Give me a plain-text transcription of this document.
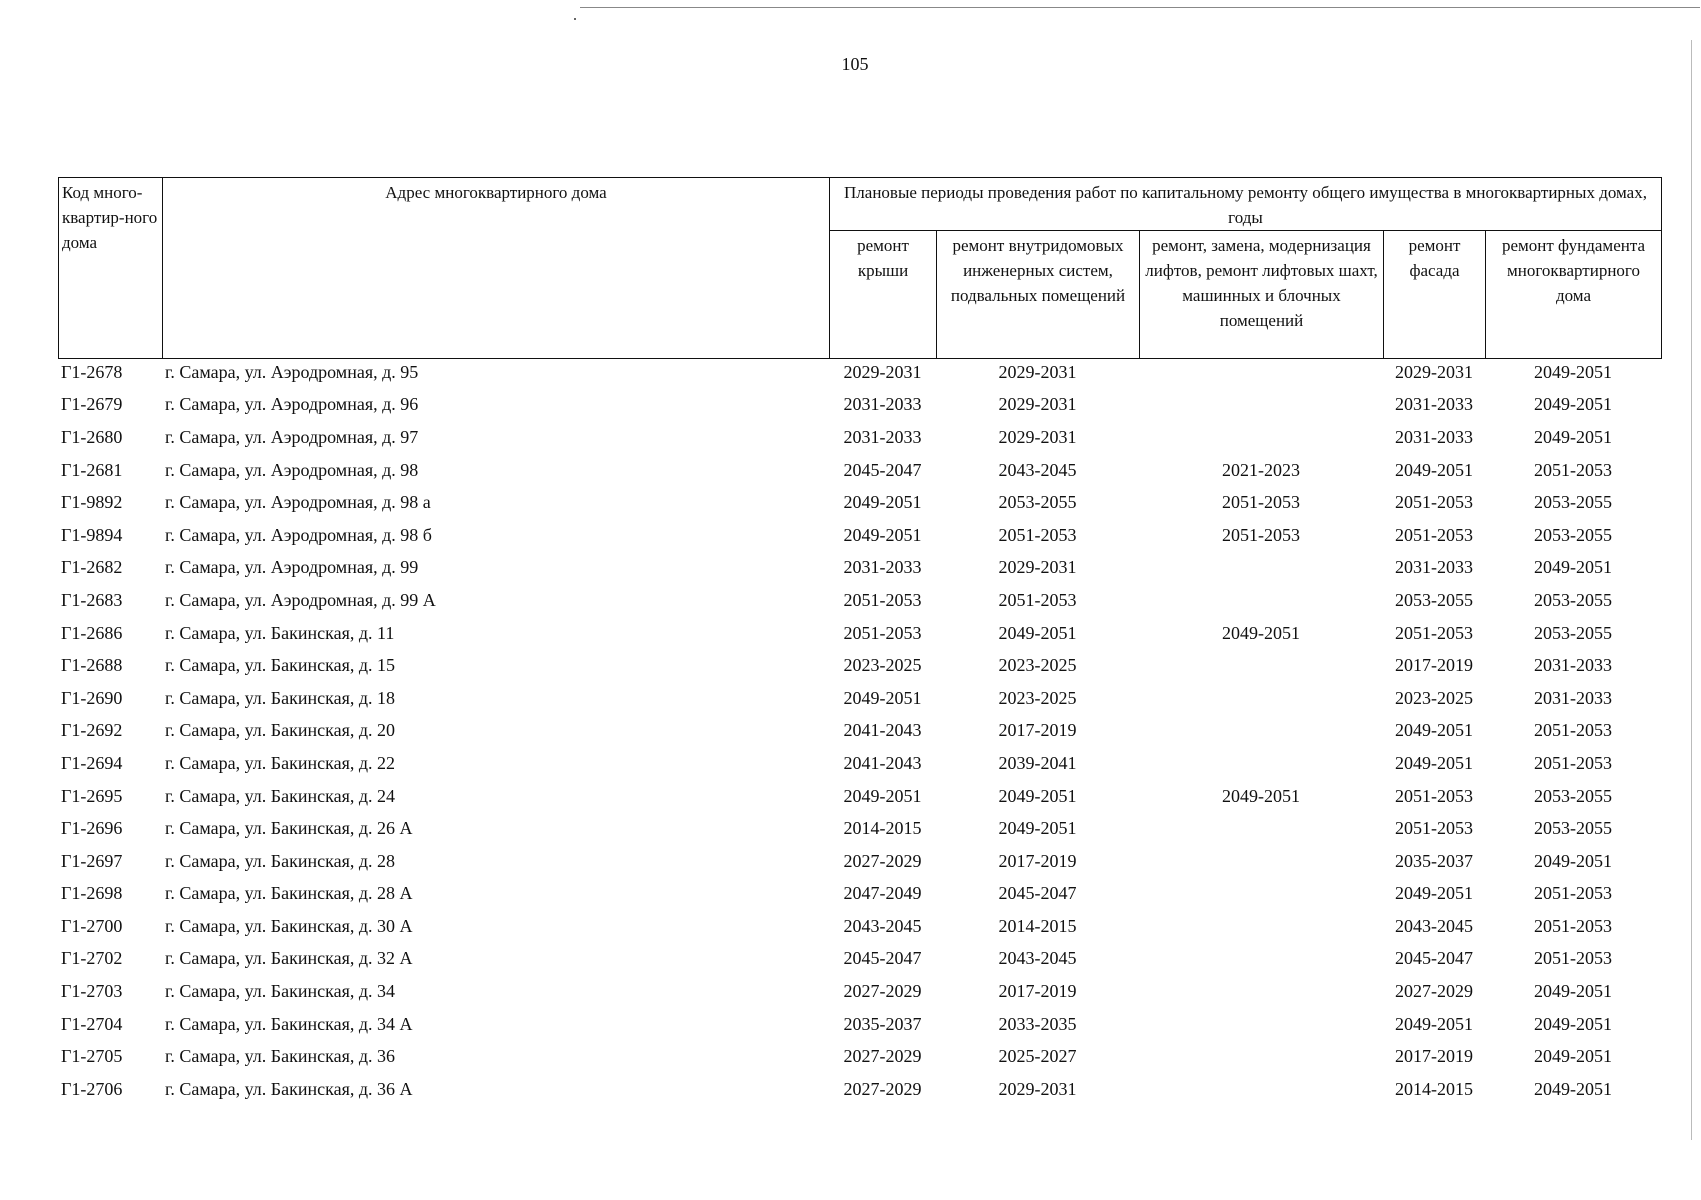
105
Код много-квартир-ного дома	Адрес многоквартирного дома	Плановые периоды проведения работ по капитальному ремонту общего имущества в многоквартирных домах, годы				
		ремонт крыши	ремонт внутридомовых инженерных систем, подвальных помещений	ремонт, замена, модернизация лифтов, ремонт лифтовых шахт, машинных и блочных помещений	ремонт фасада	ремонт фундамента многоквартирного дома
Г1-2678	г. Самара, ул. Аэродромная, д. 95	2029-2031	2029-2031		2029-2031	2049-2051
Г1-2679	г. Самара, ул. Аэродромная, д. 96	2031-2033	2029-2031		2031-2033	2049-2051
Г1-2680	г. Самара, ул. Аэродромная, д. 97	2031-2033	2029-2031		2031-2033	2049-2051
Г1-2681	г. Самара, ул. Аэродромная, д. 98	2045-2047	2043-2045	2021-2023	2049-2051	2051-2053
Г1-9892	г. Самара, ул. Аэродромная, д. 98 а	2049-2051	2053-2055	2051-2053	2051-2053	2053-2055
Г1-9894	г. Самара, ул. Аэродромная, д. 98 б	2049-2051	2051-2053	2051-2053	2051-2053	2053-2055
Г1-2682	г. Самара, ул. Аэродромная, д. 99	2031-2033	2029-2031		2031-2033	2049-2051
Г1-2683	г. Самара, ул. Аэродромная, д. 99 А	2051-2053	2051-2053		2053-2055	2053-2055
Г1-2686	г. Самара, ул. Бакинская, д. 11	2051-2053	2049-2051	2049-2051	2051-2053	2053-2055
Г1-2688	г. Самара, ул. Бакинская, д. 15	2023-2025	2023-2025		2017-2019	2031-2033
Г1-2690	г. Самара, ул. Бакинская, д. 18	2049-2051	2023-2025		2023-2025	2031-2033
Г1-2692	г. Самара, ул. Бакинская, д. 20	2041-2043	2017-2019		2049-2051	2051-2053
Г1-2694	г. Самара, ул. Бакинская, д. 22	2041-2043	2039-2041		2049-2051	2051-2053
Г1-2695	г. Самара, ул. Бакинская, д. 24	2049-2051	2049-2051	2049-2051	2051-2053	2053-2055
Г1-2696	г. Самара, ул. Бакинская, д. 26 А	2014-2015	2049-2051		2051-2053	2053-2055
Г1-2697	г. Самара, ул. Бакинская, д. 28	2027-2029	2017-2019		2035-2037	2049-2051
Г1-2698	г. Самара, ул. Бакинская, д. 28 А	2047-2049	2045-2047		2049-2051	2051-2053
Г1-2700	г. Самара, ул. Бакинская, д. 30 А	2043-2045	2014-2015		2043-2045	2051-2053
Г1-2702	г. Самара, ул. Бакинская, д. 32 А	2045-2047	2043-2045		2045-2047	2051-2053
Г1-2703	г. Самара, ул. Бакинская, д. 34	2027-2029	2017-2019		2027-2029	2049-2051
Г1-2704	г. Самара, ул. Бакинская, д. 34 А	2035-2037	2033-2035		2049-2051	2049-2051
Г1-2705	г. Самара, ул. Бакинская, д. 36	2027-2029	2025-2027		2017-2019	2049-2051
Г1-2706	г. Самара, ул. Бакинская, д. 36 А	2027-2029	2029-2031		2014-2015	2049-2051
